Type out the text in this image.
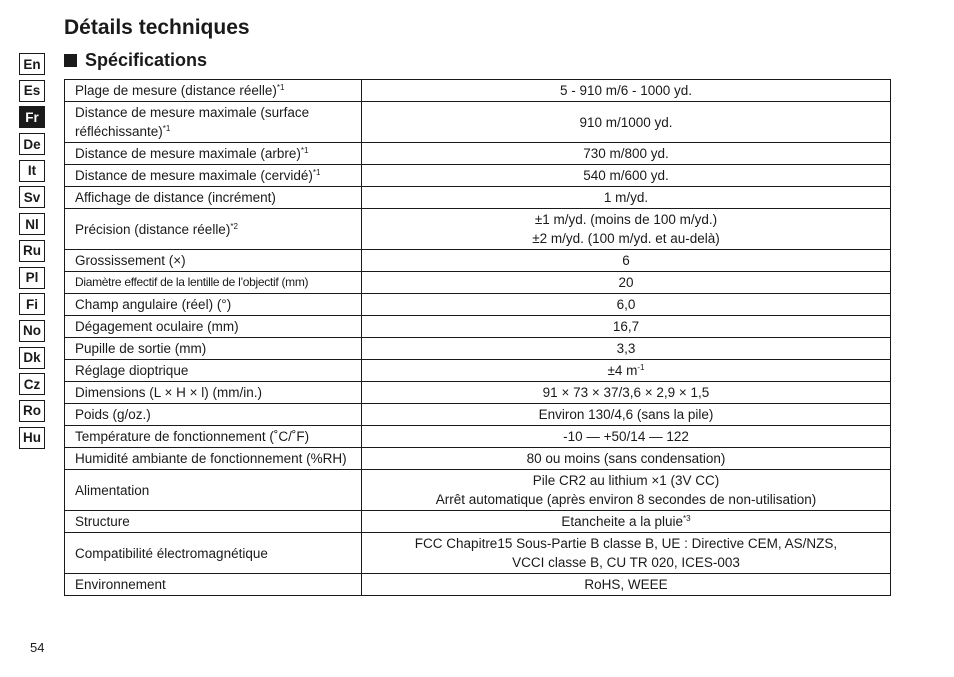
Détails techniques
Spécifications
En
Es
Fr
De
It
Sv
Nl
Ru
Pl
Fi
No
Dk
Cz
Ro
Hu
Plage de mesure (distance réelle)$^{*1}$	5 - 910 m/6 - 1000 yd.

Distance de mesure maximale (surface réfléchissante)$^{*1}$	910 m/1000 yd.

Distance de mesure maximale (arbre)$^{*1}$	730 m/800 yd.

Distance de mesure maximale (cervidé)$^{*1}$	540 m/600 yd.

Affichage de distance (incrément)	1 m/yd.

Précision (distance réelle)$^{*2}$	±1 m/yd. (moins de 100 m/yd.)
±2 m/yd. (100 m/yd. et au-delà)

Grossissement (×)	6

Diamètre effectif de la lentille de l’objectif (mm)	20

Champ angulaire (réel) (°)	6,0

Dégagement oculaire (mm)	16,7

Pupille de sortie (mm)	3,3

Réglage dioptrique	±4 $m^{-1}$

Dimensions (L × H × l) (mm/in.)	91 × 73 × 37/3,6 × 2,9 × 1,5

Poids (g/oz.)	Environ 130/4,6 (sans la pile)

Température de fonctionnement (˚C/˚F)	-10 — +50/14 — 122

Humidité ambiante de fonctionnement (%RH)	80 ou moins (sans condensation)

Alimentation	Pile CR2 au lithium ×1 (3V CC)
Arrêt automatique (après environ 8 secondes de non-utilisation)

Structure	Etancheite a la pluie$^{*3}$

Compatibilité électromagnétique	FCC Chapitre15 Sous-Partie B classe B, UE : Directive CEM, AS/NZS,
VCCI classe B, CU TR 020, ICES-003

Environnement	RoHS, WEEE
54
